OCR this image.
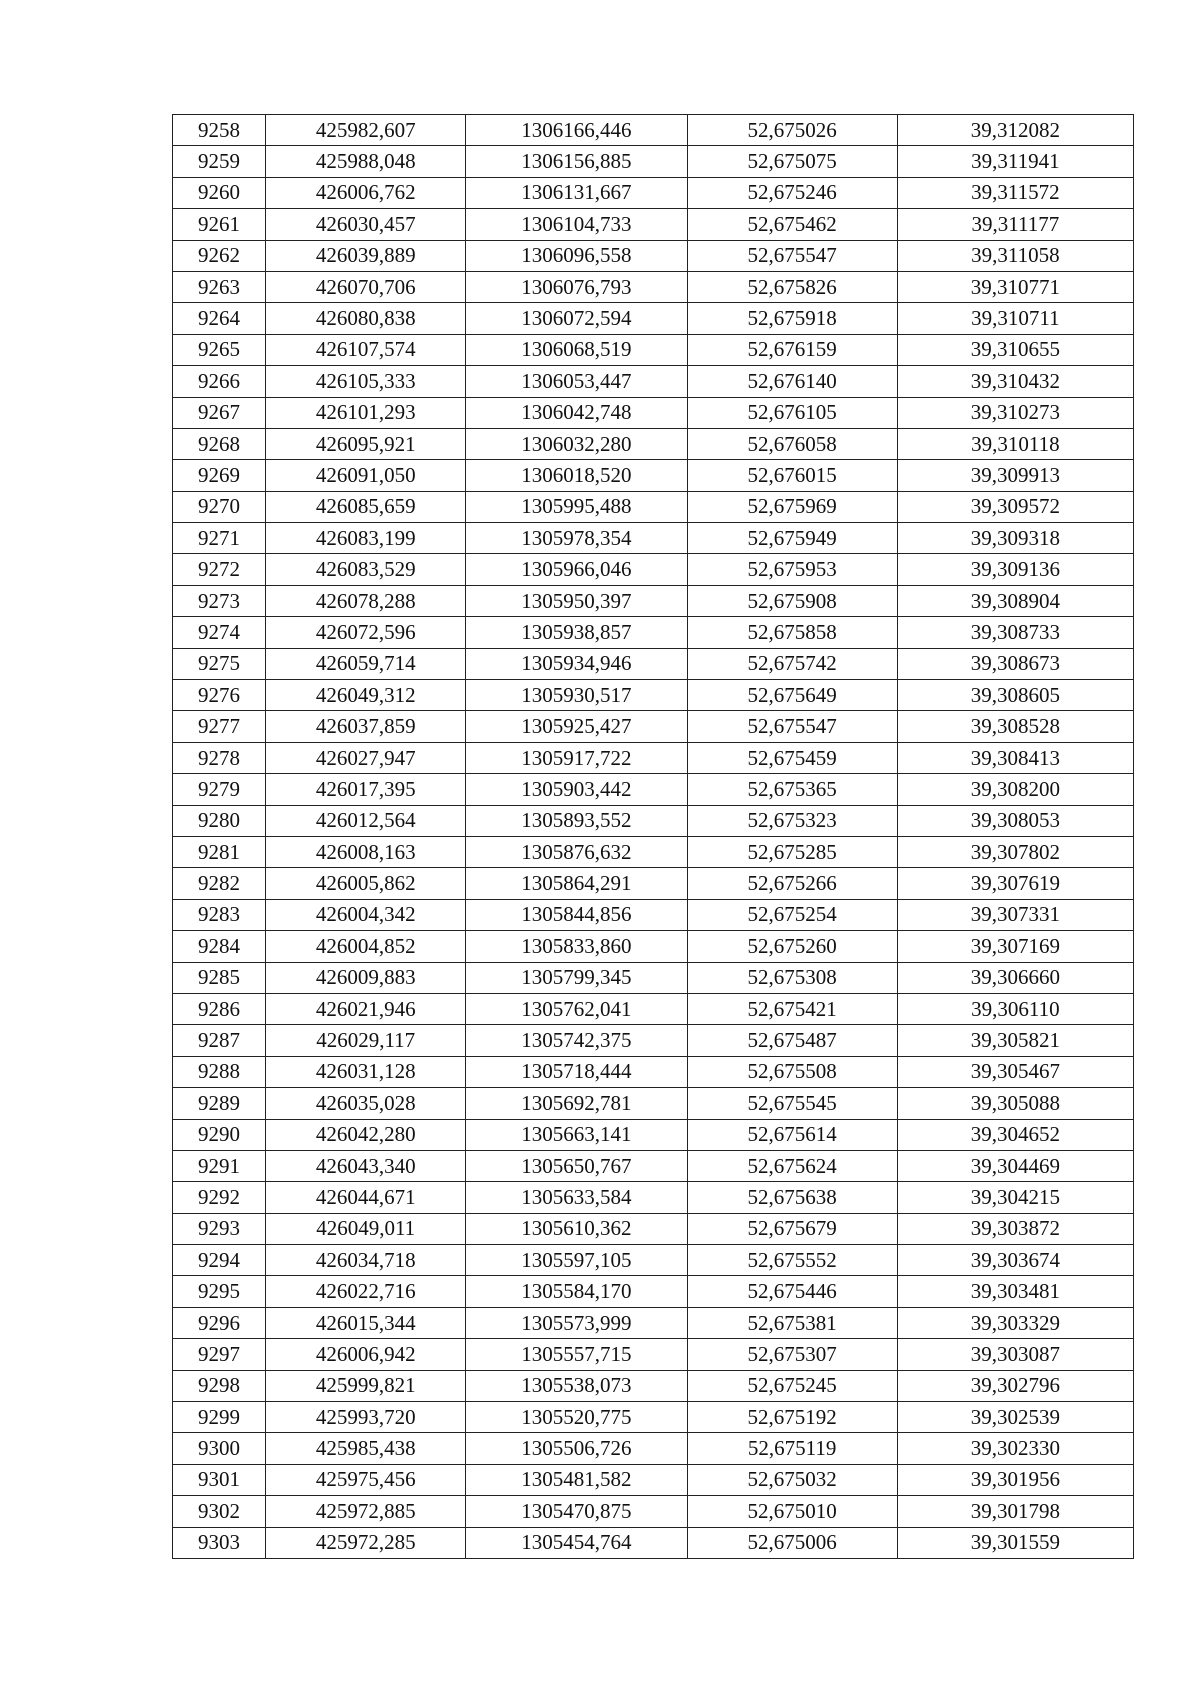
9258	425982,607	1306166,446	52,675026	39,312082
9259	425988,048	1306156,885	52,675075	39,311941
9260	426006,762	1306131,667	52,675246	39,311572
9261	426030,457	1306104,733	52,675462	39,311177
9262	426039,889	1306096,558	52,675547	39,311058
9263	426070,706	1306076,793	52,675826	39,310771
9264	426080,838	1306072,594	52,675918	39,310711
9265	426107,574	1306068,519	52,676159	39,310655
9266	426105,333	1306053,447	52,676140	39,310432
9267	426101,293	1306042,748	52,676105	39,310273
9268	426095,921	1306032,280	52,676058	39,310118
9269	426091,050	1306018,520	52,676015	39,309913
9270	426085,659	1305995,488	52,675969	39,309572
9271	426083,199	1305978,354	52,675949	39,309318
9272	426083,529	1305966,046	52,675953	39,309136
9273	426078,288	1305950,397	52,675908	39,308904
9274	426072,596	1305938,857	52,675858	39,308733
9275	426059,714	1305934,946	52,675742	39,308673
9276	426049,312	1305930,517	52,675649	39,308605
9277	426037,859	1305925,427	52,675547	39,308528
9278	426027,947	1305917,722	52,675459	39,308413
9279	426017,395	1305903,442	52,675365	39,308200
9280	426012,564	1305893,552	52,675323	39,308053
9281	426008,163	1305876,632	52,675285	39,307802
9282	426005,862	1305864,291	52,675266	39,307619
9283	426004,342	1305844,856	52,675254	39,307331
9284	426004,852	1305833,860	52,675260	39,307169
9285	426009,883	1305799,345	52,675308	39,306660
9286	426021,946	1305762,041	52,675421	39,306110
9287	426029,117	1305742,375	52,675487	39,305821
9288	426031,128	1305718,444	52,675508	39,305467
9289	426035,028	1305692,781	52,675545	39,305088
9290	426042,280	1305663,141	52,675614	39,304652
9291	426043,340	1305650,767	52,675624	39,304469
9292	426044,671	1305633,584	52,675638	39,304215
9293	426049,011	1305610,362	52,675679	39,303872
9294	426034,718	1305597,105	52,675552	39,303674
9295	426022,716	1305584,170	52,675446	39,303481
9296	426015,344	1305573,999	52,675381	39,303329
9297	426006,942	1305557,715	52,675307	39,303087
9298	425999,821	1305538,073	52,675245	39,302796
9299	425993,720	1305520,775	52,675192	39,302539
9300	425985,438	1305506,726	52,675119	39,302330
9301	425975,456	1305481,582	52,675032	39,301956
9302	425972,885	1305470,875	52,675010	39,301798
9303	425972,285	1305454,764	52,675006	39,301559
